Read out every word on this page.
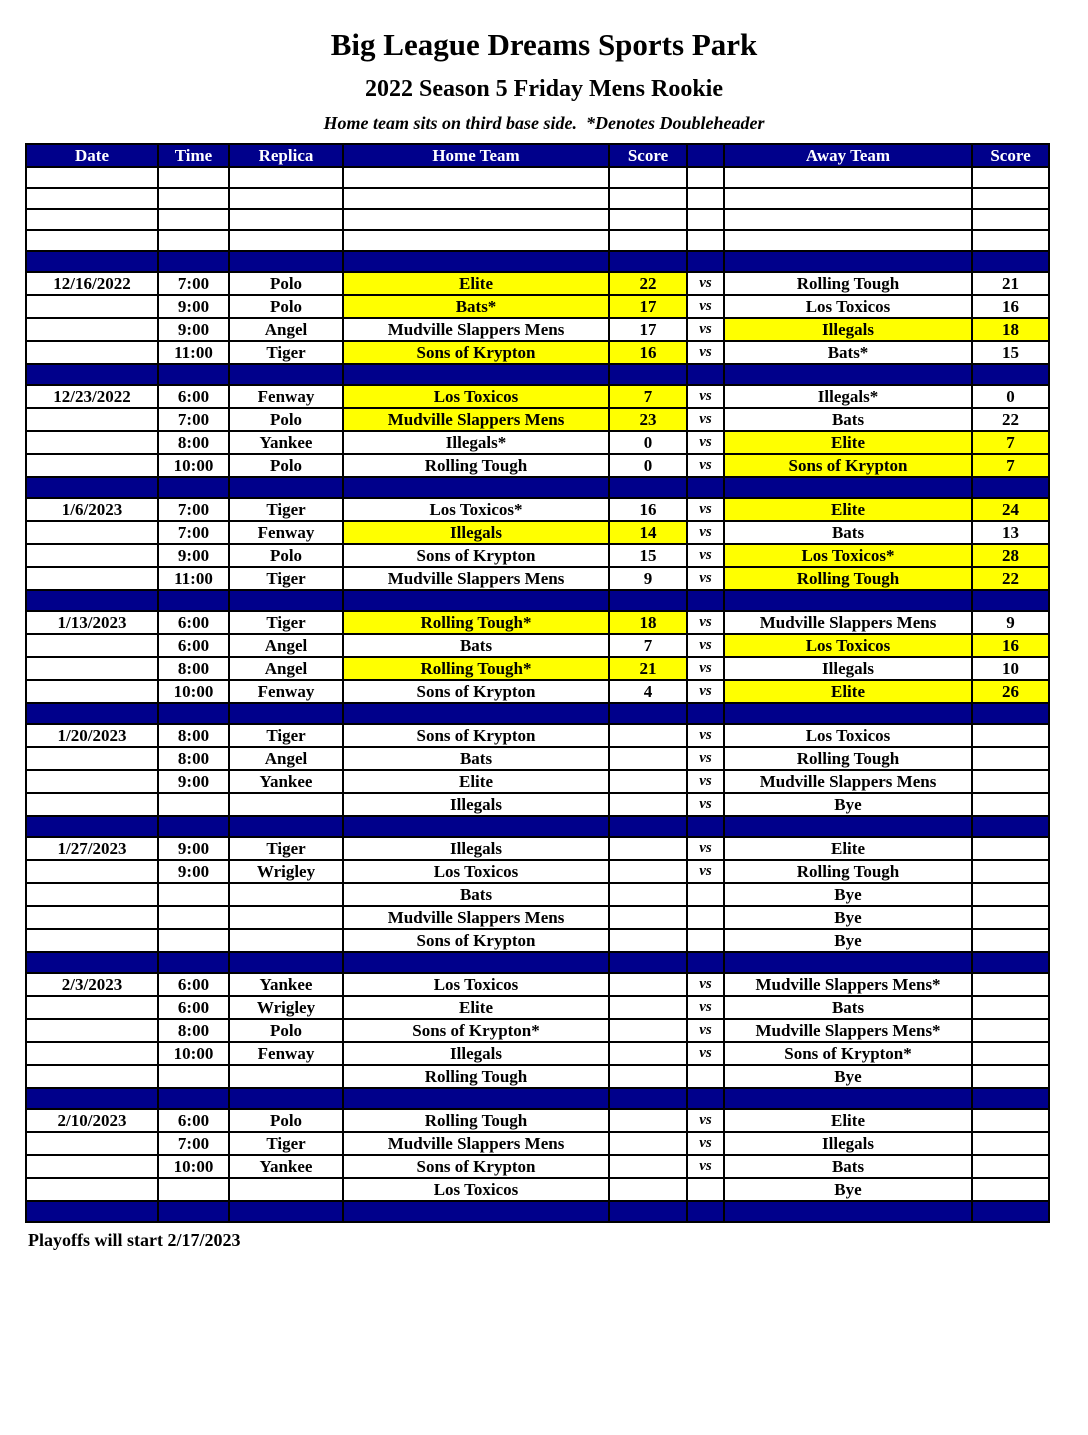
Big League Dreams Sports Park
2022 Season 5 Friday Mens Rookie
Home team sits on third base side.  *Denotes Doubleheader
Date	Time	Replica	Home Team	Score		Away Team	Score

12/16/2022	7:00	Polo	Elite	22	vs	Rolling Tough	21
	9:00	Polo	Bats*	17	vs	Los Toxicos	16
	9:00	Angel	Mudville Slappers Mens	17	vs	Illegals	18
	11:00	Tiger	Sons of Krypton	16	vs	Bats*	15

12/23/2022	6:00	Fenway	Los Toxicos	7	vs	Illegals*	0
	7:00	Polo	Mudville Slappers Mens	23	vs	Bats	22
	8:00	Yankee	Illegals*	0	vs	Elite	7
	10:00	Polo	Rolling Tough	0	vs	Sons of Krypton	7

1/6/2023	7:00	Tiger	Los Toxicos*	16	vs	Elite	24
	7:00	Fenway	Illegals	14	vs	Bats	13
	9:00	Polo	Sons of Krypton	15	vs	Los Toxicos*	28
	11:00	Tiger	Mudville Slappers Mens	9	vs	Rolling Tough	22

1/13/2023	6:00	Tiger	Rolling Tough*	18	vs	Mudville Slappers Mens	9
	6:00	Angel	Bats	7	vs	Los Toxicos	16
	8:00	Angel	Rolling Tough*	21	vs	Illegals	10
	10:00	Fenway	Sons of Krypton	4	vs	Elite	26

1/20/2023	8:00	Tiger	Sons of Krypton		vs	Los Toxicos	
	8:00	Angel	Bats		vs	Rolling Tough	
	9:00	Yankee	Elite		vs	Mudville Slappers Mens	
			Illegals		vs	Bye	

1/27/2023	9:00	Tiger	Illegals		vs	Elite	
	9:00	Wrigley	Los Toxicos		vs	Rolling Tough	
			Bats			Bye	
			Mudville Slappers Mens			Bye	
			Sons of Krypton			Bye	

2/3/2023	6:00	Yankee	Los Toxicos		vs	Mudville Slappers Mens*	
	6:00	Wrigley	Elite		vs	Bats	
	8:00	Polo	Sons of Krypton*		vs	Mudville Slappers Mens*	
	10:00	Fenway	Illegals		vs	Sons of Krypton*	
			Rolling Tough			Bye	

2/10/2023	6:00	Polo	Rolling Tough		vs	Elite	
	7:00	Tiger	Mudville Slappers Mens		vs	Illegals	
	10:00	Yankee	Sons of Krypton		vs	Bats	
			Los Toxicos			Bye	

Playoffs will start 2/17/2023
